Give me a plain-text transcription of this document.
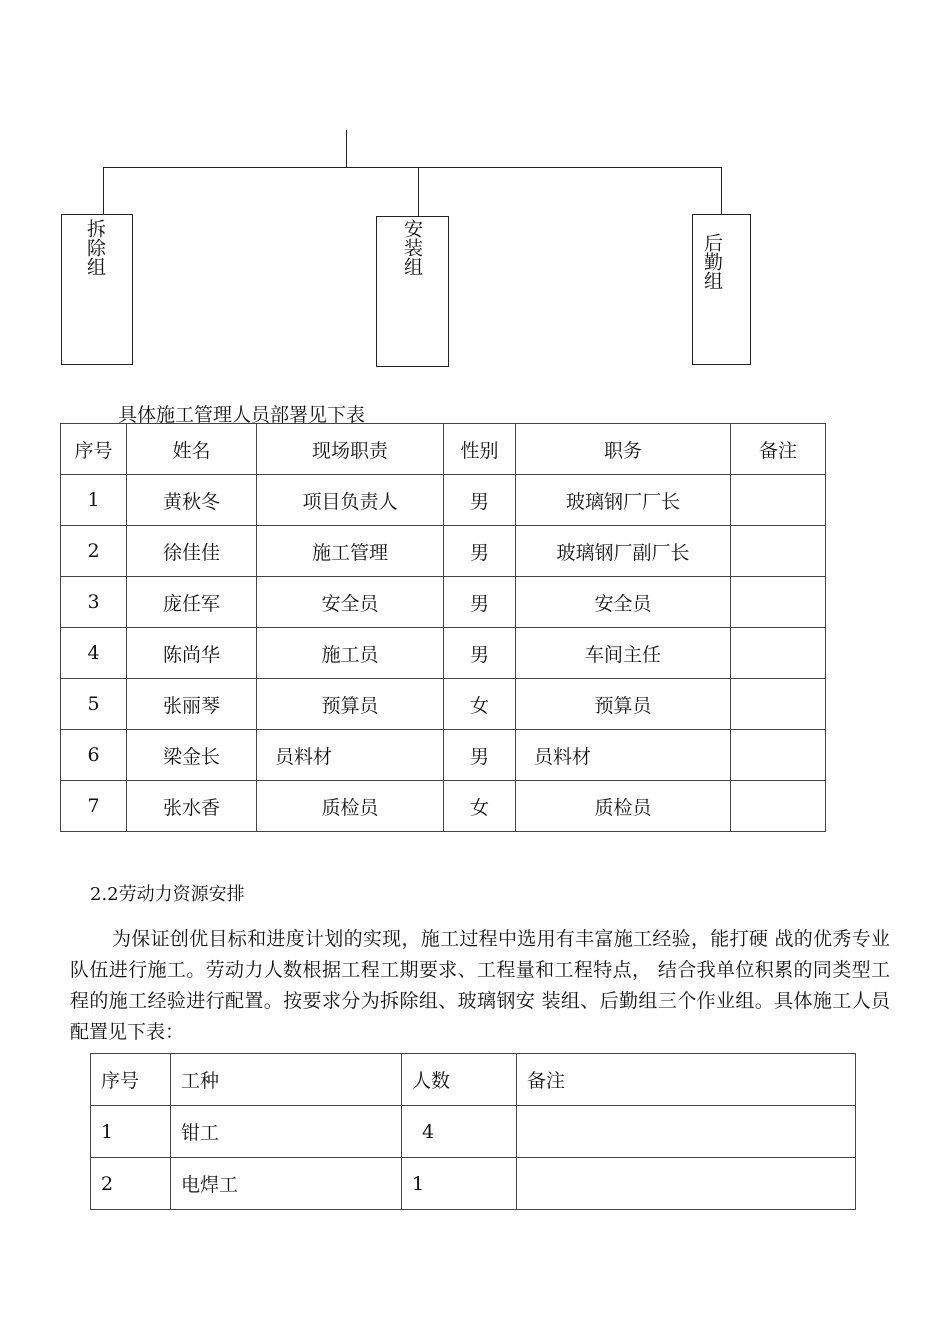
拆除组	安装组	后勤组
具体施工管理人员部署见下表
序号	姓名	现场职责	性别	职务	备注
1	黄秋冬	项目负责人	男	玻璃钢厂厂长	
2	徐佳佳	施工管理	男	玻璃钢厂副厂长	
3	庞任军	安全员	男	安全员	
4	陈尚华	施工员	男	车间主任	
5	张丽琴	预算员	女	预算员	
6	梁金长	员料材	男	员料材	
7	张水香	质检员	女	质检员	
2.2劳动力资源安排
为保证创优目标和进度计划的实现，施工过程中选用有丰富施工经验，能打硬 战的优秀专业队伍进行施工。劳动力人数根据工程工期要求、工程量和工程特点， 结合我单位积累的同类型工程的施工经验进行配置。按要求分为拆除组、玻璃钢安 装组、后勤组三个作业组。具体施工人员配置见下表：
序号	工种	人数	备注
1	钳工	4	
2	电焊工	1	
